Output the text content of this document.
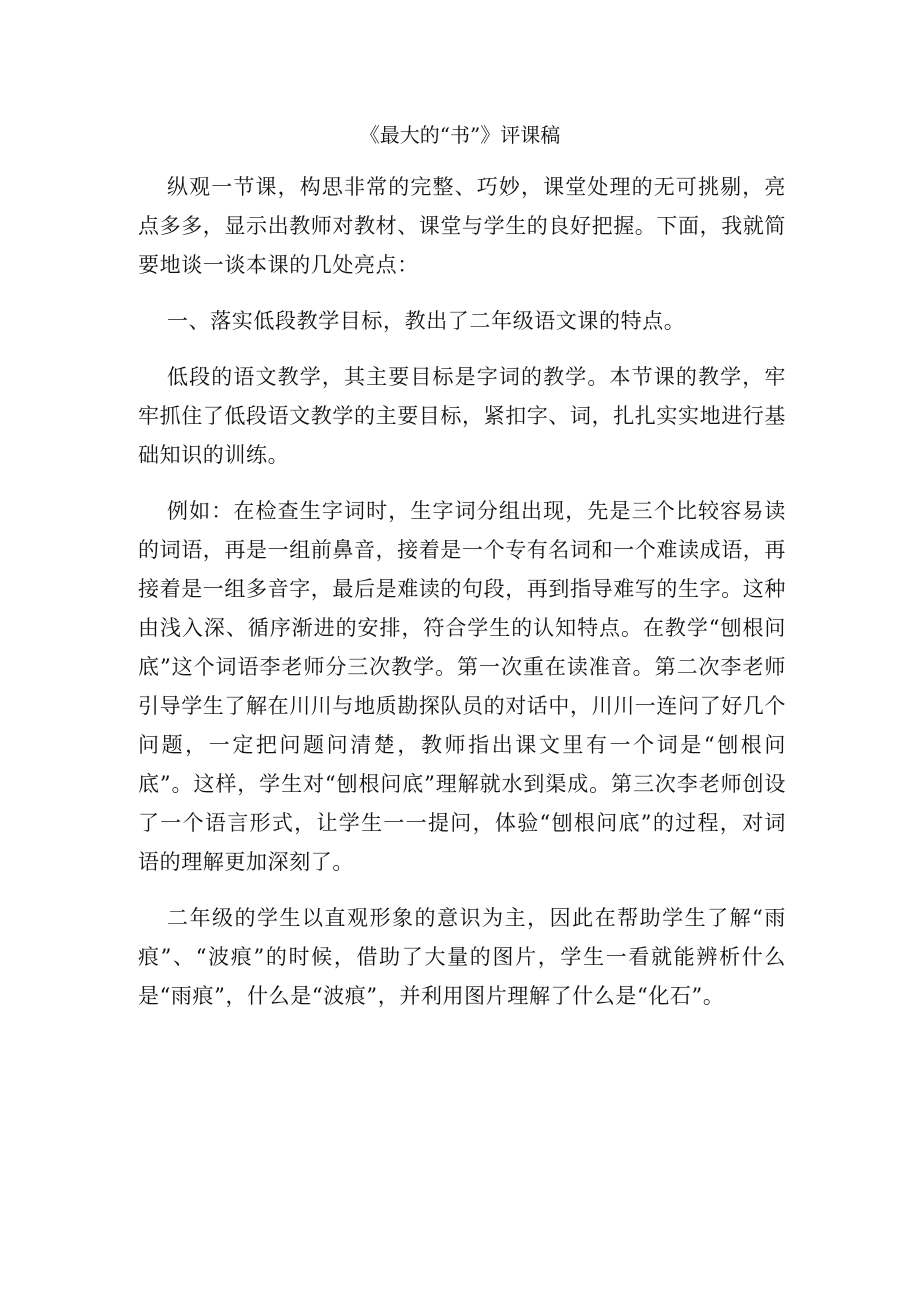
《最大的“书”》评课稿

纵观一节课，构思非常的完整、巧妙，课堂处理的无可挑剔，亮点多多，显示出教师对教材、课堂与学生的良好把握。下面，我就简要地谈一谈本课的几处亮点：

一、落实低段教学目标，教出了二年级语文课的特点。

低段的语文教学，其主要目标是字词的教学。本节课的教学，牢牢抓住了低段语文教学的主要目标，紧扣字、词，扎扎实实地进行基础知识的训练。

例如：在检查生字词时，生字词分组出现，先是三个比较容易读的词语，再是一组前鼻音，接着是一个专有名词和一个难读成语，再接着是一组多音字，最后是难读的句段，再到指导难写的生字。这种由浅入深、循序渐进的安排，符合学生的认知特点。在教学“刨根问底”这个词语李老师分三次教学。第一次重在读准音。第二次李老师引导学生了解在川川与地质勘探队员的对话中，川川一连问了好几个问题，一定把问题问清楚，教师指出课文里有一个词是“刨根问底”。这样，学生对“刨根问底”理解就水到渠成。第三次李老师创设了一个语言形式，让学生一一提问，体验“刨根问底”的过程，对词语的理解更加深刻了。

二年级的学生以直观形象的意识为主，因此在帮助学生了解“雨痕”、“波痕”的时候，借助了大量的图片，学生一看就能辨析什么是“雨痕”，什么是“波痕”，并利用图片理解了什么是“化石”。
